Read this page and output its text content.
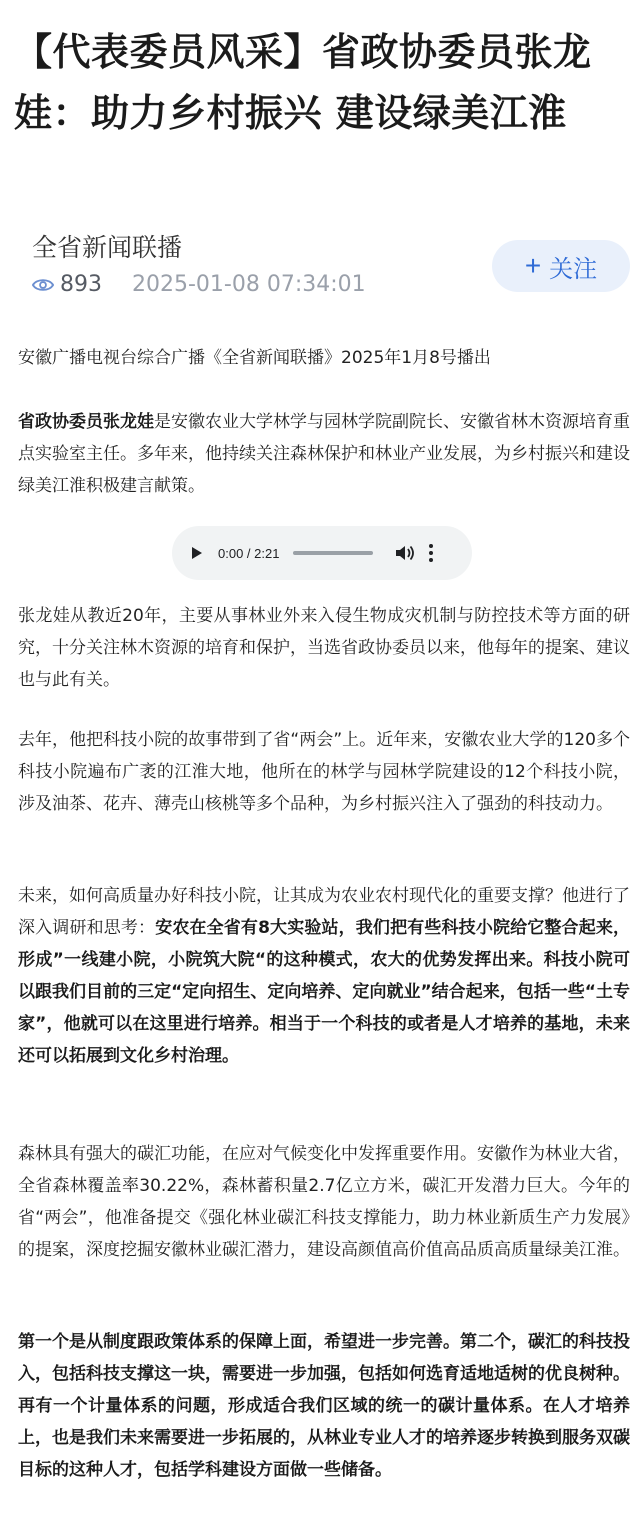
【代表委员风采】省政协委员张龙娃：助力乡村振兴 建设绿美江淮
全省新闻联播
893 2025-01-08 07:34:01
+ 关注

安徽广播电视台综合广播《全省新闻联播》2025年1月8号播出

省政协委员张龙娃是安徽农业大学林学与园林学院副院长、安徽省林木资源培育重点实验室主任。多年来，他持续关注森林保护和林业产业发展，为乡村振兴和建设绿美江淮积极建言献策。

张龙娃从教近20年，主要从事林业外来入侵生物成灾机制与防控技术等方面的研究，十分关注林木资源的培育和保护，当选省政协委员以来，他每年的提案、建议也与此有关。

去年，他把科技小院的故事带到了省“两会”上。近年来，安徽农业大学的120多个科技小院遍布广袤的江淮大地，他所在的林学与园林学院建设的12个科技小院，涉及油茶、花卉、薄壳山核桃等多个品种，为乡村振兴注入了强劲的科技动力。

未来，如何高质量办好科技小院，让其成为农业农村现代化的重要支撑？他进行了深入调研和思考：安农在全省有8大实验站，我们把有些科技小院给它整合起来，形成”一线建小院，小院筑大院“的这种模式，农大的优势发挥出来。科技小院可以跟我们目前的三定“定向招生、定向培养、定向就业”结合起来，包括一些“土专家”，他就可以在这里进行培养。相当于一个科技的或者是人才培养的基地，未来还可以拓展到文化乡村治理。

森林具有强大的碳汇功能，在应对气候变化中发挥重要作用。安徽作为林业大省，全省森林覆盖率30.22%，森林蓄积量2.7亿立方米，碳汇开发潜力巨大。今年的省“两会”，他准备提交《强化林业碳汇科技支撑能力，助力林业新质生产力发展》的提案，深度挖掘安徽林业碳汇潜力，建设高颜值高价值高品质高质量绿美江淮。

第一个是从制度跟政策体系的保障上面，希望进一步完善。第二个，碳汇的科技投入，包括科技支撑这一块，需要进一步加强，包括如何选育适地适树的优良树种。再有一个计量体系的问题，形成适合我们区域的统一的碳计量体系。在人才培养上，也是我们未来需要进一步拓展的，从林业专业人才的培养逐步转换到服务双碳目标的这种人才，包括学科建设方面做一些储备。

0:00 / 2:21
